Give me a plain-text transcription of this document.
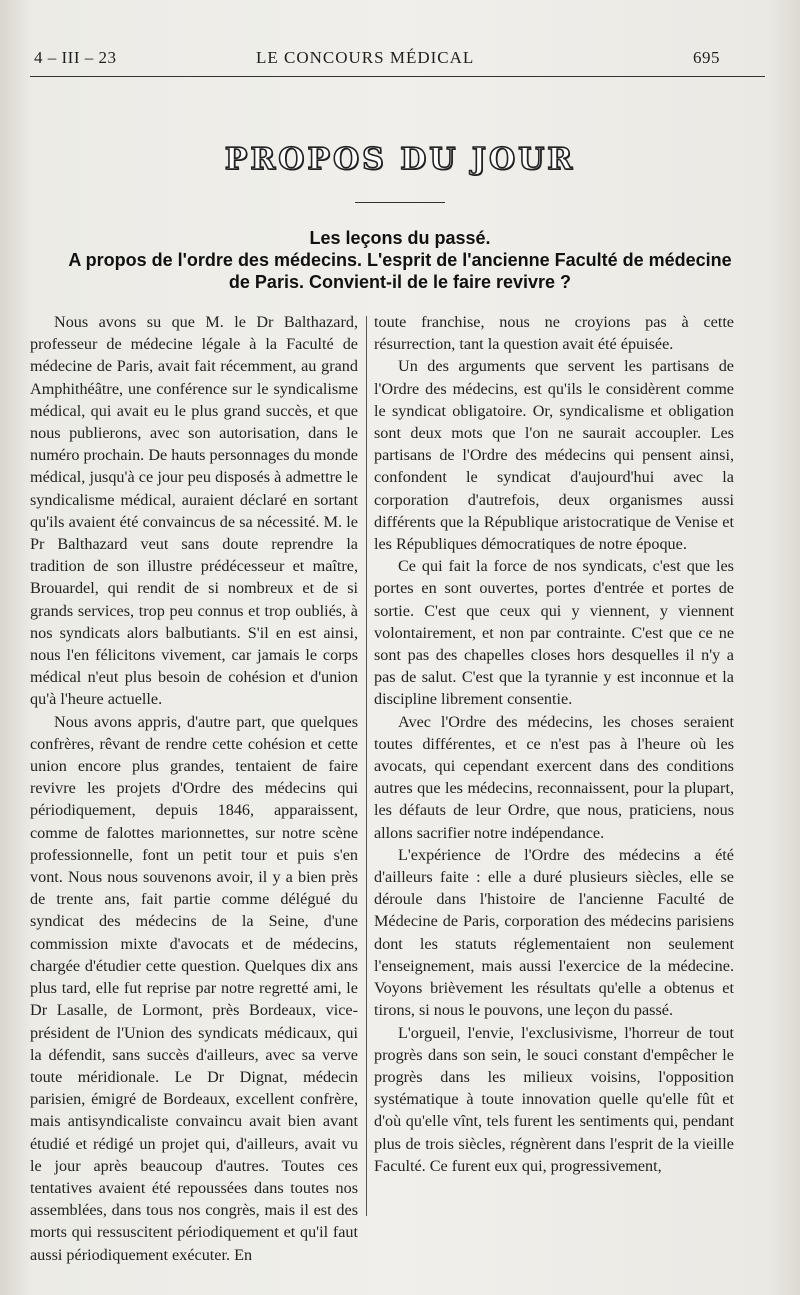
4 – III – 23	LE CONCOURS MÉDICAL	695
PROPOS DU JOUR
Les leçons du passé.
A propos de l'ordre des médecins. L'esprit de l'ancienne Faculté de médecine
de Paris. Convient-il de le faire revivre ?

Nous avons su que M. le Dr Balthazard, professeur de médecine légale à la Faculté de médecine de Paris, avait fait récemment, au grand Amphithéâtre, une conférence sur le syndicalisme médical, qui avait eu le plus grand succès, et que nous publierons, avec son autorisation, dans le numéro prochain. De hauts personnages du monde médical, jusqu'à ce jour peu disposés à admettre le syndicalisme médical, auraient déclaré en sortant qu'ils avaient été convaincus de sa nécessité. M. le Pr Balthazard veut sans doute reprendre la tradition de son illustre prédécesseur et maître, Brouardel, qui rendit de si nombreux et de si grands services, trop peu connus et trop oubliés, à nos syndicats alors balbutiants. S'il en est ainsi, nous l'en félicitons vivement, car jamais le corps médical n'eut plus besoin de cohésion et d'union qu'à l'heure actuelle.

Nous avons appris, d'autre part, que quelques confrères, rêvant de rendre cette cohésion et cette union encore plus grandes, tentaient de faire revivre les projets d'Ordre des médecins qui périodiquement, depuis 1846, apparaissent, comme de falottes marionnettes, sur notre scène professionnelle, font un petit tour et puis s'en vont. Nous nous souvenons avoir, il y a bien près de trente ans, fait partie comme délégué du syndicat des médecins de la Seine, d'une commission mixte d'avocats et de médecins, chargée d'étudier cette question. Quelques dix ans plus tard, elle fut reprise par notre regretté ami, le Dr Lasalle, de Lormont, près Bordeaux, vice-président de l'Union des syndicats médicaux, qui la défendit, sans succès d'ailleurs, avec sa verve toute méridionale. Le Dr Dignat, médecin parisien, émigré de Bordeaux, excellent confrère, mais antisyndicaliste convaincu avait bien avant étudié et rédigé un projet qui, d'ailleurs, avait vu le jour après beaucoup d'autres. Toutes ces tentatives avaient été repoussées dans toutes nos assemblées, dans tous nos congrès, mais il est des morts qui ressuscitent périodiquement et qu'il faut aussi périodiquement exécuter. En

toute franchise, nous ne croyions pas à cette résurrection, tant la question avait été épuisée.

Un des arguments que servent les partisans de l'Ordre des médecins, est qu'ils le considèrent comme le syndicat obligatoire. Or, syndicalisme et obligation sont deux mots que l'on ne saurait accoupler. Les partisans de l'Ordre des médecins qui pensent ainsi, confondent le syndicat d'aujourd'hui avec la corporation d'autrefois, deux organismes aussi différents que la République aristocratique de Venise et les Républiques démocratiques de notre époque.

Ce qui fait la force de nos syndicats, c'est que les portes en sont ouvertes, portes d'entrée et portes de sortie. C'est que ceux qui y viennent, y viennent volontairement, et non par contrainte. C'est que ce ne sont pas des chapelles closes hors desquelles il n'y a pas de salut. C'est que la tyrannie y est inconnue et la discipline librement consentie.

Avec l'Ordre des médecins, les choses seraient toutes différentes, et ce n'est pas à l'heure où les avocats, qui cependant exercent dans des conditions autres que les médecins, reconnaissent, pour la plupart, les défauts de leur Ordre, que nous, praticiens, nous allons sacrifier notre indépendance.

L'expérience de l'Ordre des médecins a été d'ailleurs faite : elle a duré plusieurs siècles, elle se déroule dans l'histoire de l'ancienne Faculté de Médecine de Paris, corporation des médecins parisiens dont les statuts réglementaient non seulement l'enseignement, mais aussi l'exercice de la médecine. Voyons brièvement les résultats qu'elle a obtenus et tirons, si nous le pouvons, une leçon du passé.

L'orgueil, l'envie, l'exclusivisme, l'horreur de tout progrès dans son sein, le souci constant d'empêcher le progrès dans les milieux voisins, l'opposition systématique à toute innovation quelle qu'elle fût et d'où qu'elle vînt, tels furent les sentiments qui, pendant plus de trois siècles, régnèrent dans l'esprit de la vieille Faculté. Ce furent eux qui, progressivement,
